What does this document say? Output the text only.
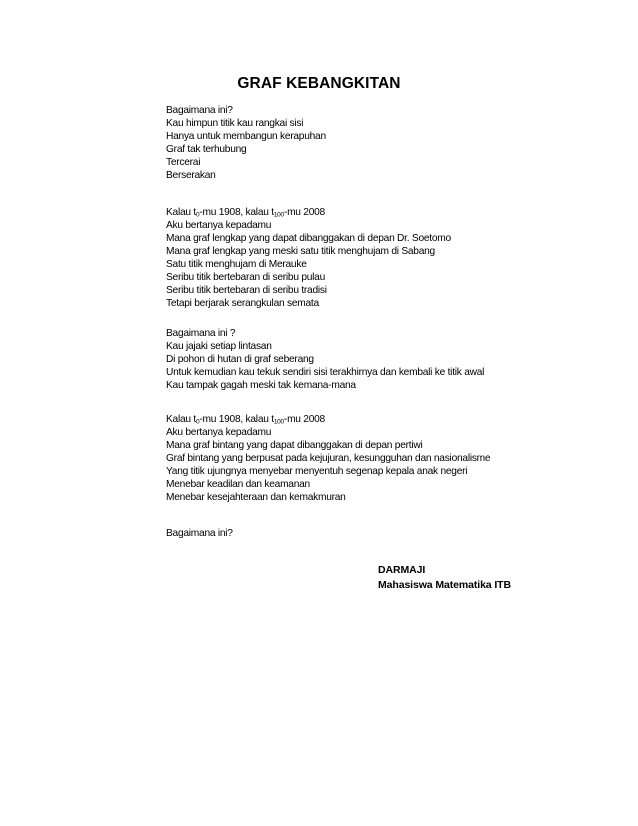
GRAF KEBANGKITAN
Bagaimana ini?
Kau himpun titik kau rangkai sisi
Hanya untuk membangun kerapuhan
Graf tak terhubung
Tercerai
Berserakan
Kalau $t_0-mu$ 1908, kalau $t_{100}-mu$ 2008
Aku bertanya kepadamu
Mana graf lengkap yang dapat dibanggakan di depan Dr. Soetomo
Mana graf lengkap yang meski satu titik menghujam di Sabang
Satu titik menghujam di Merauke
Seribu titik bertebaran di seribu pulau
Seribu titik bertebaran di seribu tradisi
Tetapi berjarak serangkulan semata
Bagaimana ini ?
Kau jajaki setiap lintasan
Di pohon di hutan di graf seberang
Untuk kemudian kau tekuk sendiri sisi terakhirnya dan kembali ke titik awal
Kau tampak gagah meski tak kemana-mana
Kalau $t_0-mu$ 1908, kalau $t_{100}-mu$ 2008
Aku bertanya kepadamu
Mana graf bintang yang dapat dibanggakan di depan pertiwi
Graf bintang yang berpusat pada kejujuran, kesungguhan dan nasionalisme
Yang titik ujungnya menyebar menyentuh segenap kepala anak negeri
Menebar keadilan dan keamanan
Menebar kesejahteraan dan kemakmuran
Bagaimana ini?
DARMAJI
Mahasiswa Matematika ITB
